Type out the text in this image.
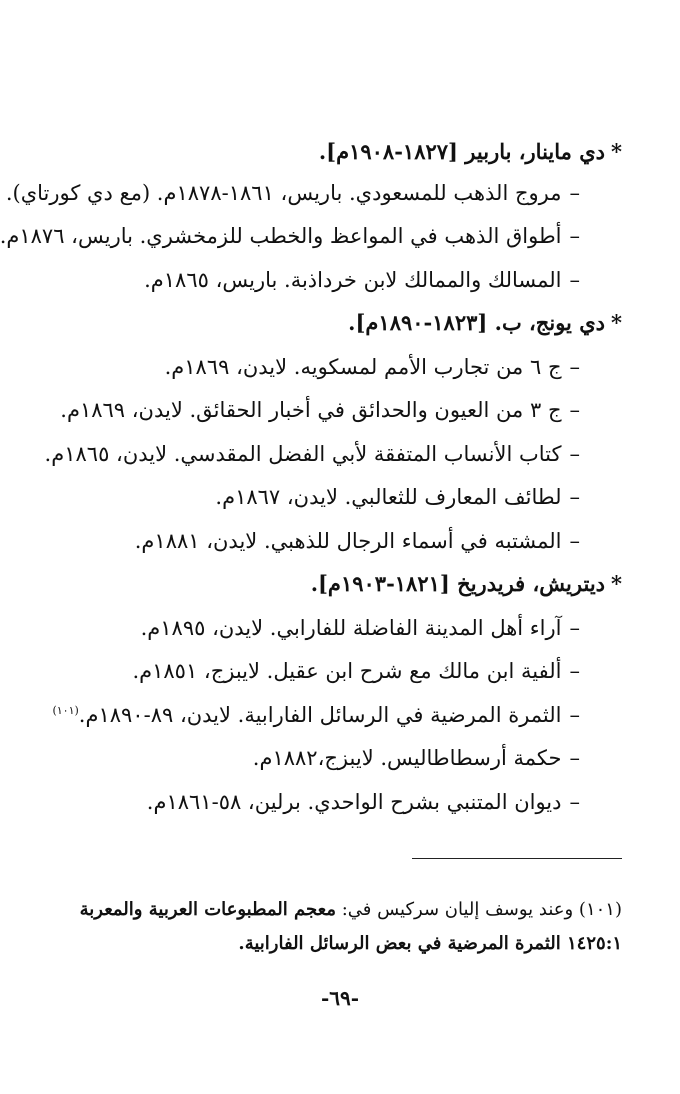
*دي ماينار، باربير [١٨٢٧-١٩٠٨م].
–مروج الذهب للمسعودي. باريس، ١٨٦١-١٨٧٨م. (مع دي كورتاي).
–أطواق الذهب في المواعظ والخطب للزمخشري. باريس، ١٨٧٦م.
–المسالك والممالك لابن خرداذبة. باريس، ١٨٦٥م.
*دي يونج، ب. [١٨٢٣-١٨٩٠م].
–ج ٦ من تجارب الأمم لمسكويه. لايدن، ١٨٦٩م.
–ج ٣ من العيون والحدائق في أخبار الحقائق. لايدن، ١٨٦٩م.
–كتاب الأنساب المتفقة لأبي الفضل المقدسي. لايدن، ١٨٦٥م.
–لطائف المعارف للثعالبي. لايدن، ١٨٦٧م.
–المشتبه في أسماء الرجال للذهبي. لايدن، ١٨٨١م.
*ديتريش، فريدريخ [١٨٢١-١٩٠٣م].
–آراء أهل المدينة الفاضلة للفارابي. لايدن، ١٨٩٥م.
–ألفية ابن مالك مع شرح ابن عقيل. لايبزج، ١٨٥١م.
–الثمرة المرضية في الرسائل الفارابية. لايدن، ٨٩-١٨٩٠م.$^{(١٠١)}$
–حكمة أرسطاطاليس. لايبزج،١٨٨٢م.
–ديوان المتنبي بشرح الواحدي. برلين، ٥٨-١٨٦١م.
(١٠١) وعند يوسف إليان سركيس في: معجم المطبوعات العربية والمعربة ١٤٢٥:١ الثمرة المرضية في بعض الرسائل الفارابية.
-٦٩-
